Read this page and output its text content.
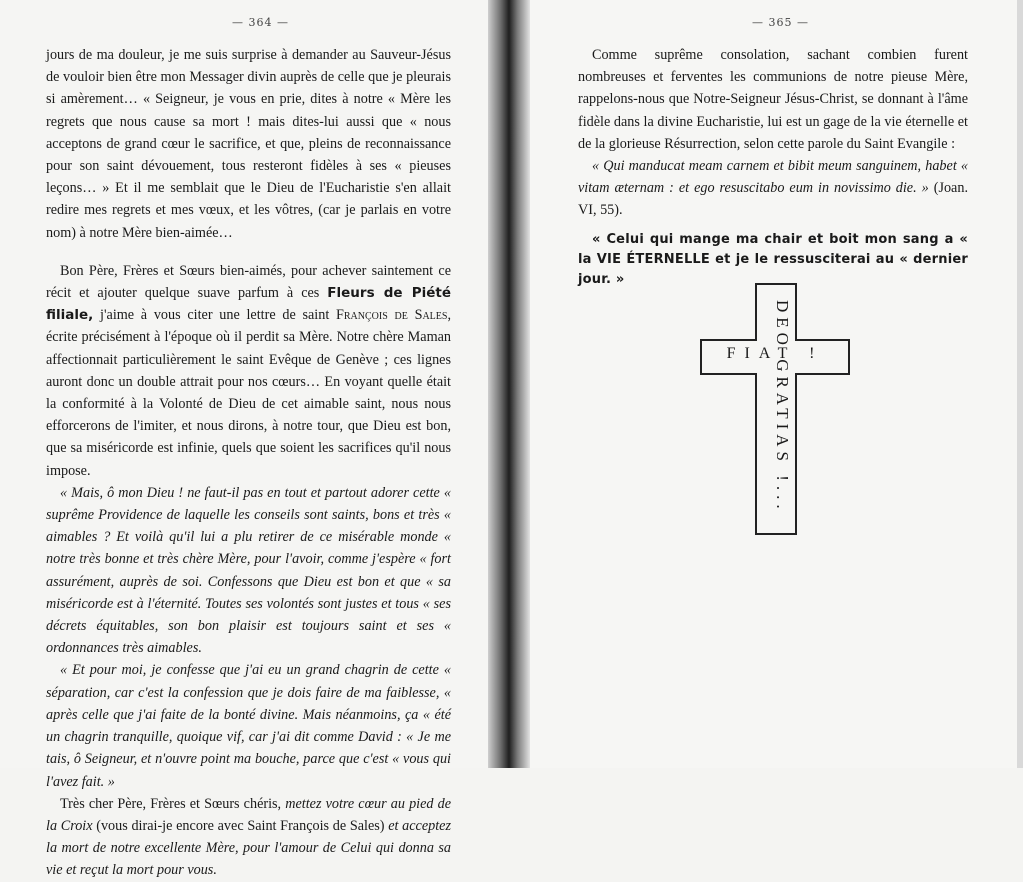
— 364 —

jours de ma douleur, je me suis surprise à demander au Sauveur-Jésus de vouloir bien être mon Messager divin auprès de celle que je pleurais si amèrement… « Seigneur, je vous en prie, dites à notre « Mère les regrets que nous cause sa mort ! mais dites-lui aussi que « nous acceptons de grand cœur le sacrifice, et que, pleins de reconnaissance pour son saint dévouement, tous resteront fidèles à ses « pieuses leçons… » Et il me semblait que le Dieu de l'Eucharistie s'en allait redire mes regrets et mes vœux, et les vôtres, (car je parlais en votre nom) à notre Mère bien-aimée…

Bon Père, Frères et Sœurs bien-aimés, pour achever saintement ce récit et ajouter quelque suave parfum à ces Fleurs de Piété filiale, j'aime à vous citer une lettre de saint François de Sales, écrite précisément à l'époque où il perdit sa Mère. Notre chère Maman affectionnait particulièrement le saint Evêque de Genève ; ces lignes auront donc un double attrait pour nos cœurs… En voyant quelle était la conformité à la Volonté de Dieu de cet aimable saint, nous nous efforcerons de l'imiter, et nous dirons, à notre tour, que Dieu est bon, que sa miséricorde est infinie, quels que soient les sacrifices qu'il nous impose.

« Mais, ô mon Dieu ! ne faut-il pas en tout et partout adorer cette « suprême Providence de laquelle les conseils sont saints, bons et très « aimables ? Et voilà qu'il lui a plu retirer de ce misérable monde « notre très bonne et très chère Mère, pour l'avoir, comme j'espère « fort assurément, auprès de soi. Confessons que Dieu est bon et que « sa miséricorde est à l'éternité. Toutes ses volontés sont justes et tous « ses décrets équitables, son bon plaisir est toujours saint et ses « ordonnances très aimables.

« Et pour moi, je confesse que j'ai eu un grand chagrin de cette « séparation, car c'est la confession que je dois faire de ma faiblesse, « après celle que j'ai faite de la bonté divine. Mais néanmoins, ça « été un chagrin tranquille, quoique vif, car j'ai dit comme David : « Je me tais, ô Seigneur, et n'ouvre point ma bouche, parce que c'est « vous qui l'avez fait. »

Très cher Père, Frères et Sœurs chéris, mettez votre cœur au pied de la Croix (vous dirai-je encore avec Saint François de Sales) et acceptez la mort de notre excellente Mère, pour l'amour de Celui qui donna sa vie et reçut la mort pour vous.

— 365 —

Comme suprême consolation, sachant combien furent nombreuses et ferventes les communions de notre pieuse Mère, rappelons-nous que Notre-Seigneur Jésus-Christ, se donnant à l'âme fidèle dans la divine Eucharistie, lui est un gage de la vie éternelle et de la glorieuse Résurrection, selon cette parole du Saint Evangile :

« Qui manducat meam carnem et bibit meum sanguinem, habet « vitam æternam : et ego resuscitabo eum in novissimo die. » (Joan. VI, 55).

« Celui qui mange ma chair et boit mon sang a « la VIE ÉTERNELLE et je le ressusciterai au « dernier jour. »

FIAT !
DEO GRATIAS !...
